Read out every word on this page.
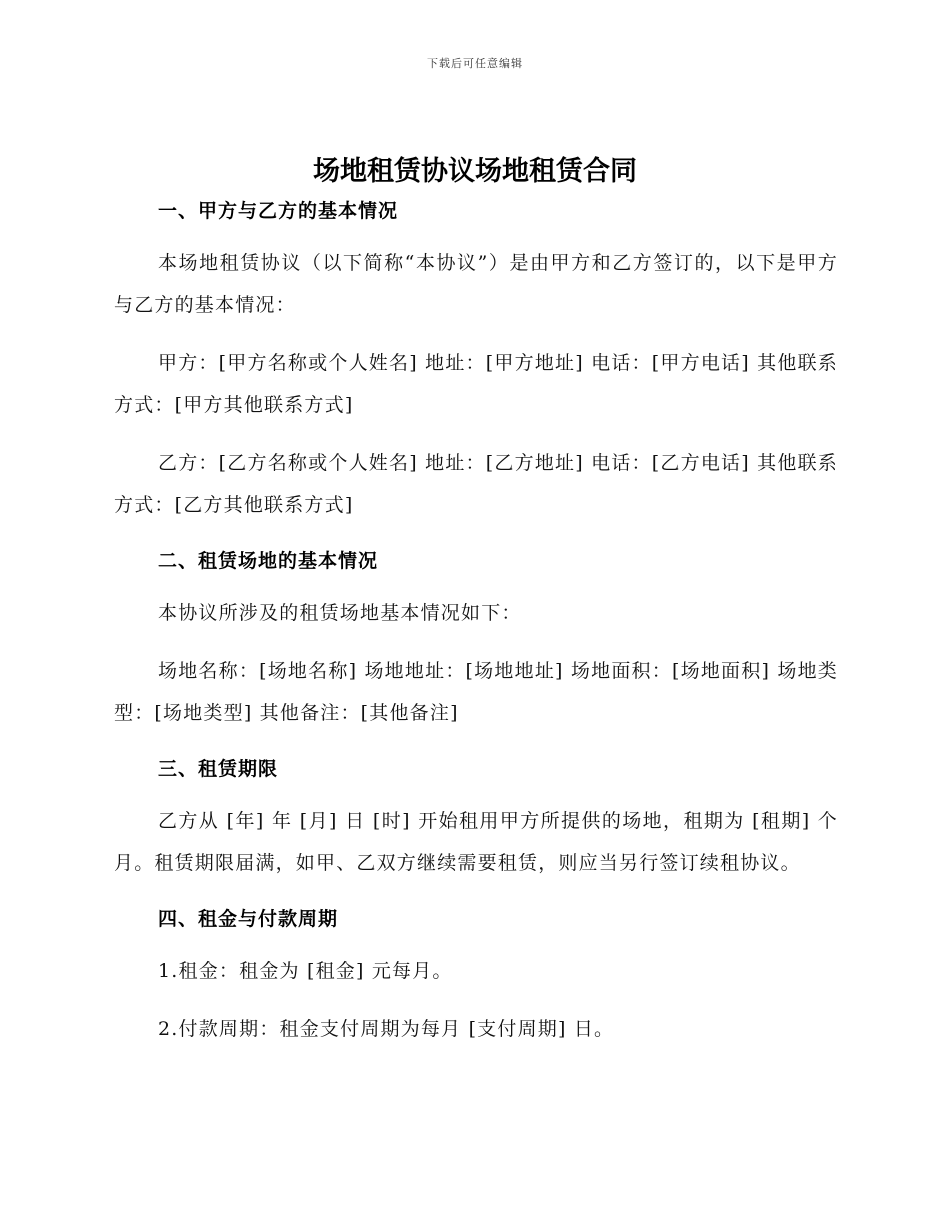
下载后可任意编辑
场地租赁协议场地租赁合同
一、甲方与乙方的基本情况

本场地租赁协议（以下简称“本协议”）是由甲方和乙方签订的，以下是甲方与乙方的基本情况：

甲方：[甲方名称或个人姓名] 地址：[甲方地址] 电话：[甲方电话] 其他联系方式：[甲方其他联系方式]

乙方：[乙方名称或个人姓名] 地址：[乙方地址] 电话：[乙方电话] 其他联系方式：[乙方其他联系方式]

二、租赁场地的基本情况

本协议所涉及的租赁场地基本情况如下：

场地名称：[场地名称] 场地地址：[场地地址] 场地面积：[场地面积] 场地类型：[场地类型] 其他备注：[其他备注]

三、租赁期限

乙方从 [年] 年 [月] 日 [时] 开始租用甲方所提供的场地，租期为 [租期] 个月。租赁期限届满，如甲、乙双方继续需要租赁，则应当另行签订续租协议。

四、租金与付款周期

1.租金：租金为 [租金] 元每月。

2.付款周期：租金支付周期为每月 [支付周期] 日。
